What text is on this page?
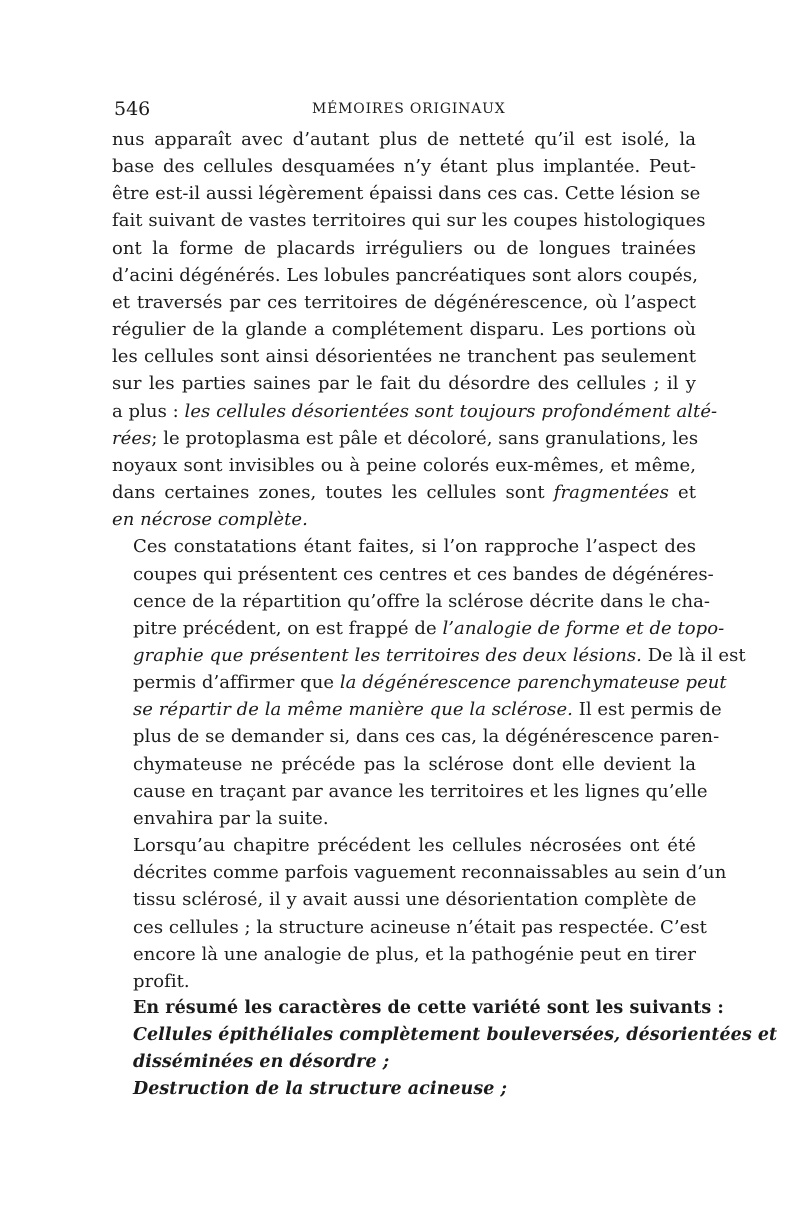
546	MÉMOIRES ORIGINAUX

nus apparaît avec d’autant plus de netteté qu’il est isolé, la
base des cellules desquamées n’y étant plus implantée. Peut-
être est-il aussi légèrement épaissi dans ces cas. Cette lésion se
fait suivant de vastes territoires qui sur les coupes histologiques
ont la forme de placards irréguliers ou de longues trainées
d’acini dégénérés. Les lobules pancréatiques sont alors coupés,
et traversés par ces territoires de dégénérescence, où l’aspect
régulier de la glande a complétement disparu. Les portions où
les cellules sont ainsi désorientées ne tranchent pas seulement
sur les parties saines par le fait du désordre des cellules ; il y
a plus : les cellules désorientées sont toujours profondément alté-
rées; le protoplasma est pâle et décoloré, sans granulations, les
noyaux sont invisibles ou à peine colorés eux-mêmes, et même,
dans certaines zones, toutes les cellules sont fragmentées et
en nécrose complète.

Ces constatations étant faites, si l’on rapproche l’aspect des
coupes qui présentent ces centres et ces bandes de dégénéres-
cence de la répartition qu’offre la sclérose décrite dans le cha-
pitre précédent, on est frappé de l’analogie de forme et de topo-
graphie que présentent les territoires des deux lésions. De là il est
permis d’affirmer que la dégénérescence parenchymateuse peut
se répartir de la même manière que la sclérose. Il est permis de
plus de se demander si, dans ces cas, la dégénérescence paren-
chymateuse ne précéde pas la sclérose dont elle devient la
cause en traçant par avance les territoires et les lignes qu’elle
envahira par la suite.

Lorsqu’au chapitre précédent les cellules nécrosées ont été
décrites comme parfois vaguement reconnaissables au sein d’un
tissu sclérosé, il y avait aussi une désorientation complète de
ces cellules ; la structure acineuse n’était pas respectée. C’est
encore là une analogie de plus, et la pathogénie peut en tirer
profit.

En résumé les caractères de cette variété sont les suivants :

Cellules épithéliales complètement bouleversées, désorientées et
disséminées en désordre ;

Destruction de la structure acineuse ;
